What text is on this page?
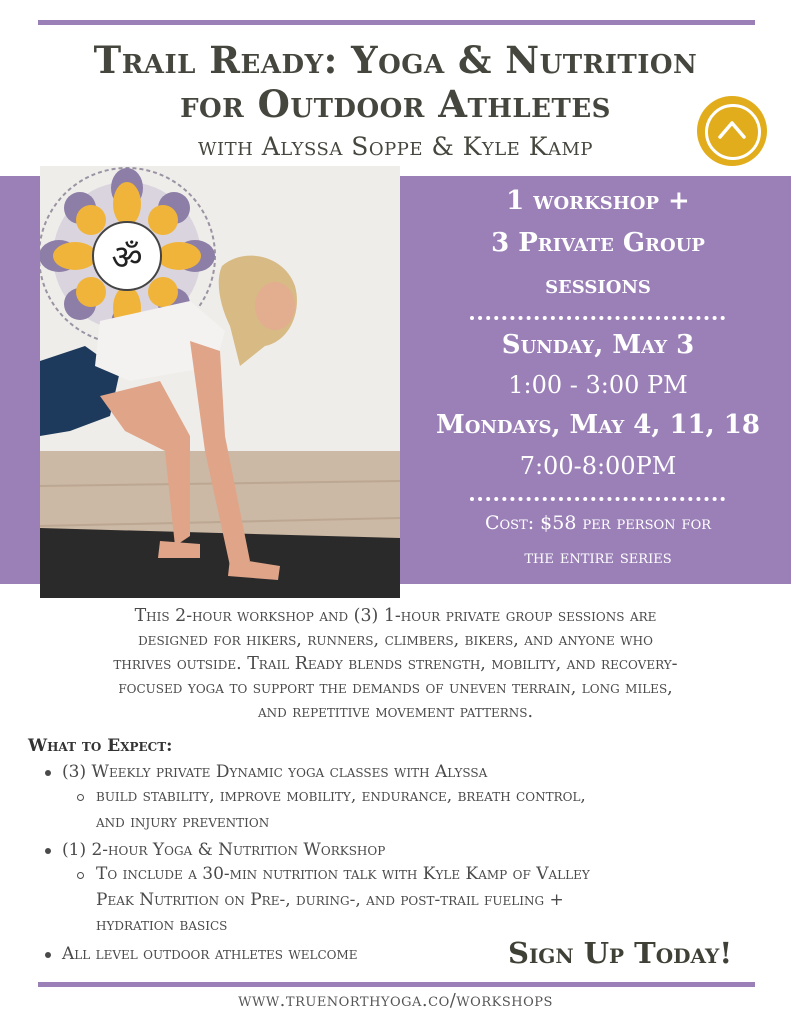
Trail Ready: Yoga & Nutrition
for Outdoor Athletes
with Alyssa Soppe & Kyle Kamp
ॐ
1 workshop +
3 Private Group
sessions
Sunday, May 3
1:00 - 3:00 PM
Mondays, May 4, 11, 18
7:00-8:00PM
Cost: $58 per person for
the entire series
This 2-hour workshop and (3) 1-hour private group sessions are
designed for hikers, runners, climbers, bikers, and anyone who
thrives outside. Trail Ready blends strength, mobility, and recovery-
focused yoga to support the demands of uneven terrain, long miles,
and repetitive movement patterns.
What to Expect:
(3) Weekly private Dynamic yoga classes with Alyssa
build stability, improve mobility, endurance, breath control,
and injury prevention
(1) 2-hour Yoga & Nutrition Workshop
To include a 30-min nutrition talk with Kyle Kamp of Valley
Peak Nutrition on Pre-, during-, and post-trail fueling +
hydration basics
All level outdoor athletes welcome	Sign Up Today!
www.truenorthyoga.co/workshops
